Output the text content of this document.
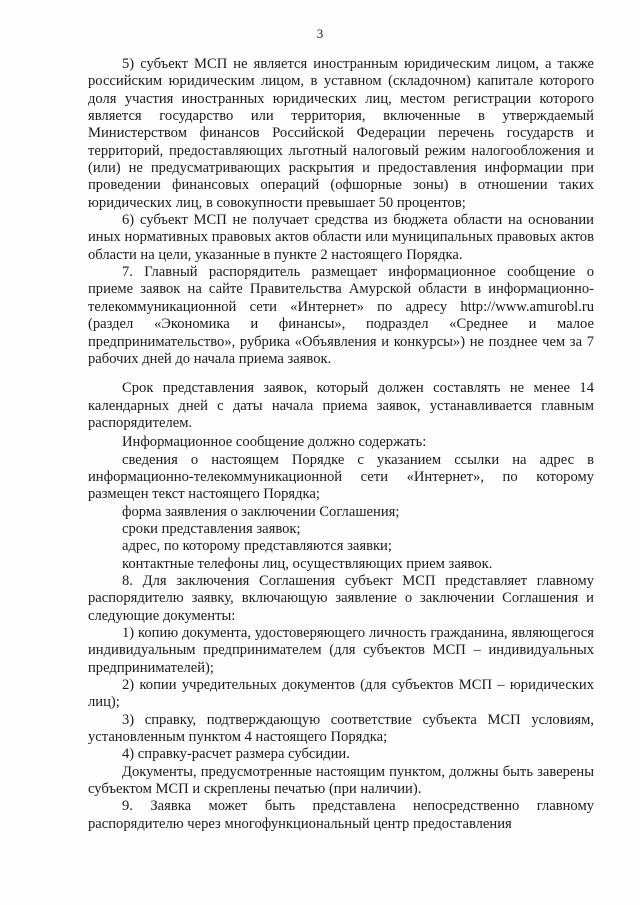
3

5) субъект МСП не является иностранным юридическим лицом, а также российским юридическим лицом, в уставном (складочном) капитале которого доля участия иностранных юридических лиц, местом регистрации которого является государство или территория, включенные в утверждаемый Министерством финансов Российской Федерации перечень государств и территорий, предоставляющих льготный налоговый режим налогообложения и (или) не предусматривающих раскрытия и предоставления информации при проведении финансовых операций (офшорные зоны) в отношении таких юридических лиц, в совокупности превышает 50 процентов;

6) субъект МСП не получает средства из бюджета области на основании иных нормативных правовых актов области или муниципальных правовых актов области на цели, указанные в пункте 2 настоящего Порядка.

7. Главный распорядитель размещает информационное сообщение о приеме заявок на сайте Правительства Амурской области в информационно-телекоммуникационной сети «Интернет» по адресу http://www.amurobl.ru (раздел «Экономика и финансы», подраздел «Среднее и малое предпринимательство», рубрика «Объявления и конкурсы») не позднее чем за 7 рабочих дней до начала приема заявок.

Срок представления заявок, который должен составлять не менее 14 календарных дней с даты начала приема заявок, устанавливается главным распорядителем.

Информационное сообщение должно содержать:

сведения о настоящем Порядке с указанием ссылки на адрес в информационно-телекоммуникационной сети «Интернет», по которому размещен текст настоящего Порядка;

форма заявления о заключении Соглашения;

сроки представления заявок;

адрес, по которому представляются заявки;

контактные телефоны лиц, осуществляющих прием заявок.

8. Для заключения Соглашения субъект МСП представляет главному распорядителю заявку, включающую заявление о заключении Соглашения и следующие документы:

1) копию документа, удостоверяющего личность гражданина, являющегося индивидуальным предпринимателем (для субъектов МСП – индивидуальных предпринимателей);

2) копии учредительных документов (для субъектов МСП – юридических лиц);

3) справку, подтверждающую соответствие субъекта МСП условиям, установленным пунктом 4 настоящего Порядка;

4) справку-расчет размера субсидии.

Документы, предусмотренные настоящим пунктом, должны быть заверены субъектом МСП и скреплены печатью (при наличии).

9. Заявка может быть представлена непосредственно главному распорядителю через многофункциональный центр предоставления
